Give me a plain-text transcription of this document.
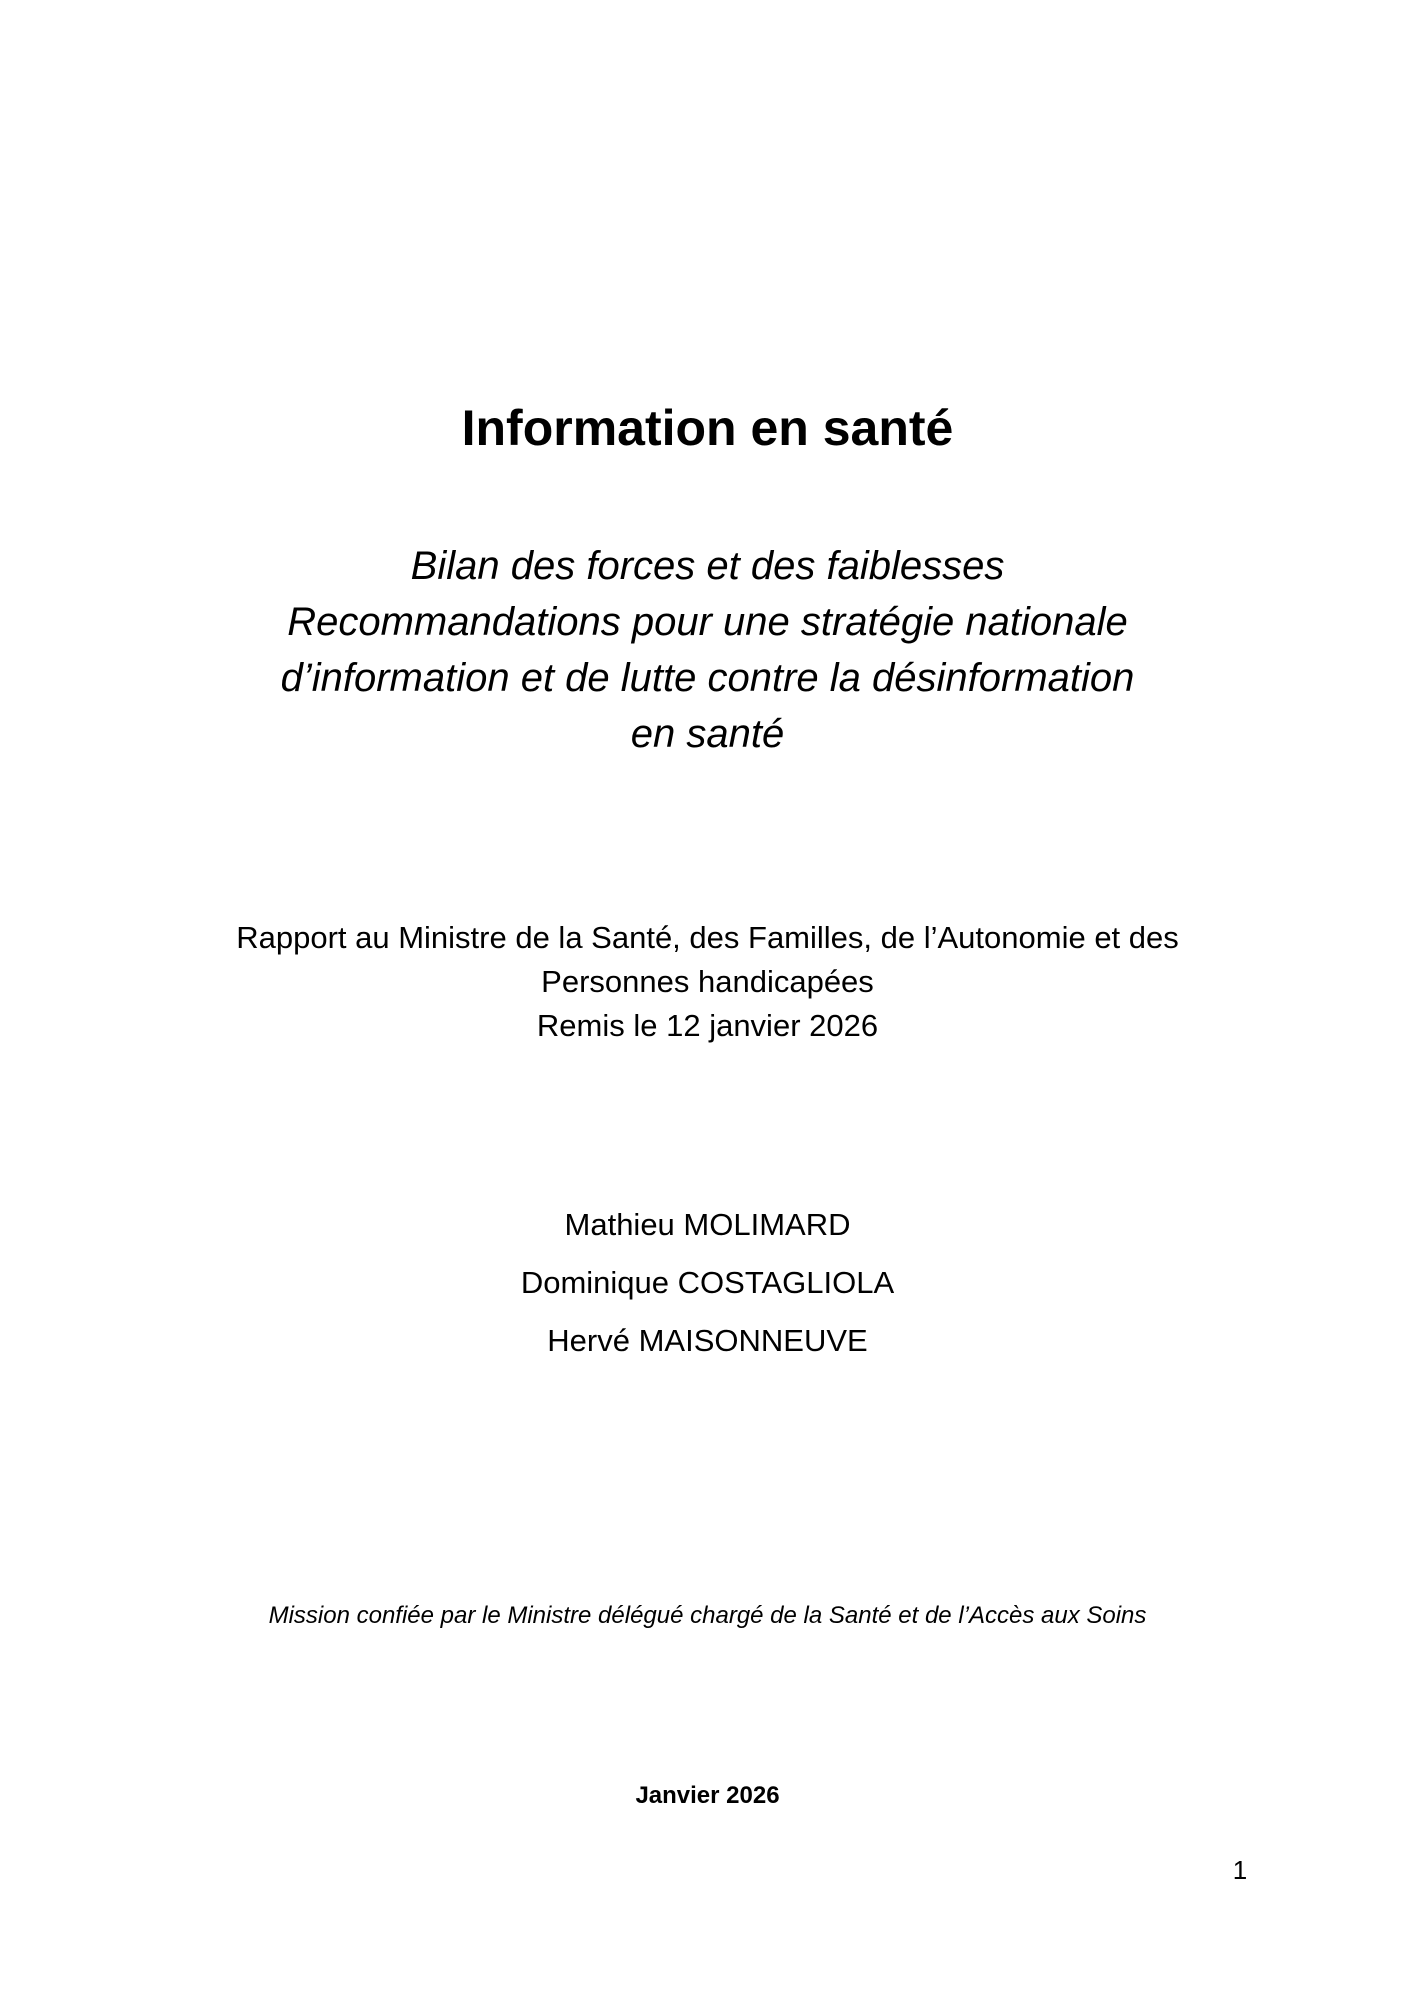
Information en santé
Bilan des forces et des faiblesses
Recommandations pour une stratégie nationale
d’information et de lutte contre la désinformation
en santé
Rapport au Ministre de la Santé, des Familles, de l’Autonomie et des
Personnes handicapées
Remis le 12 janvier 2026
Mathieu MOLIMARD
Dominique COSTAGLIOLA
Hervé MAISONNEUVE
Mission confiée par le Ministre délégué chargé de la Santé et de l’Accès aux Soins
Janvier 2026
1
